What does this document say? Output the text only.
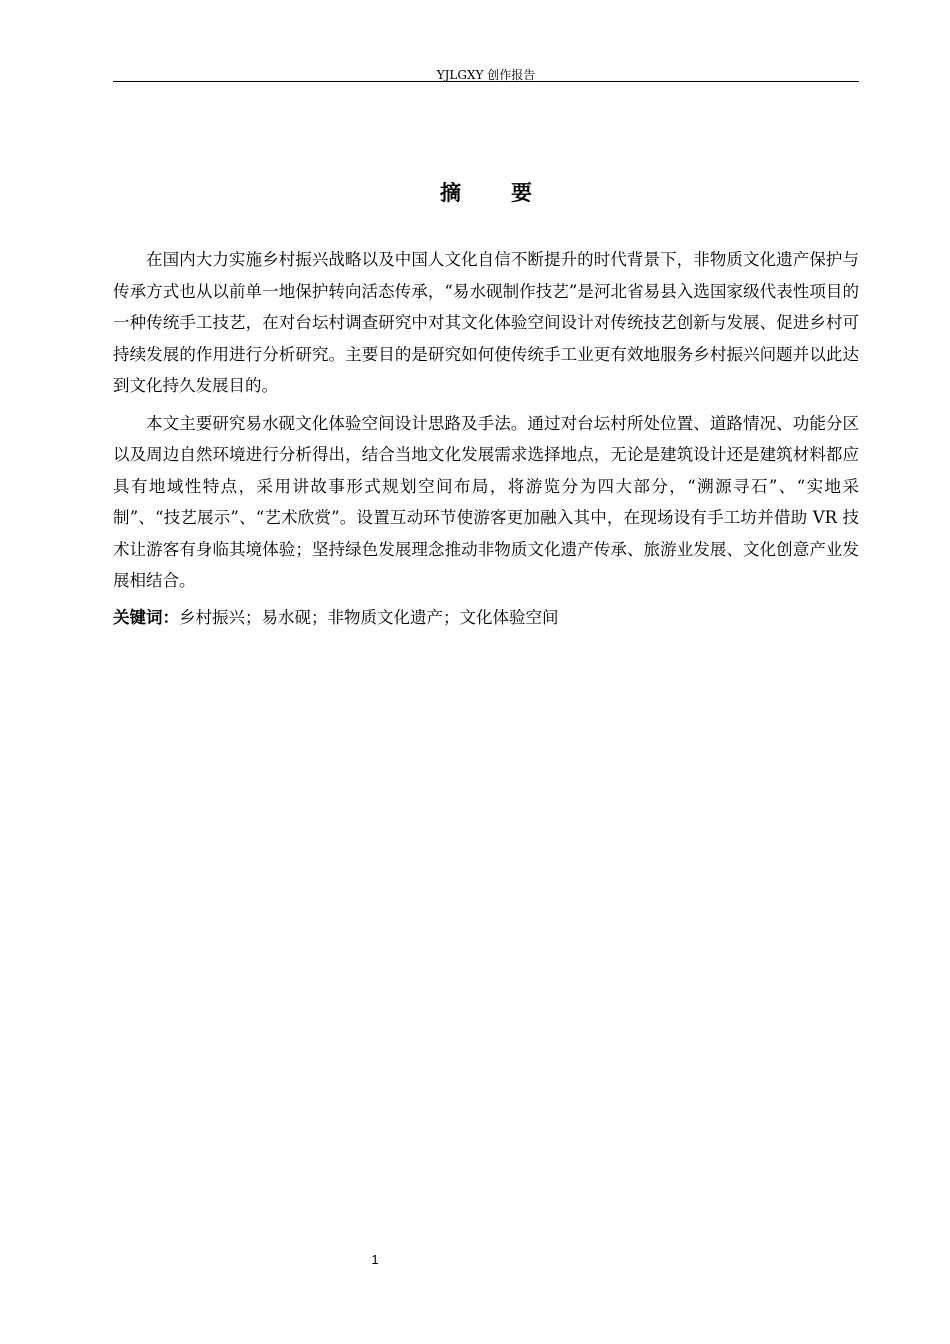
YJLGXY 创作报告
摘要

在国内大力实施乡村振兴战略以及中国人文化自信不断提升的时代背景下，非物质文化遗产保护与传承方式也从以前单一地保护转向活态传承，“易水砚制作技艺”是河北省易县入选国家级代表性项目的一种传统手工技艺，在对台坛村调查研究中对其文化体验空间设计对传统技艺创新与发展、促进乡村可持续发展的作用进行分析研究。主要目的是研究如何使传统手工业更有效地服务乡村振兴问题并以此达到文化持久发展目的。

本文主要研究易水砚文化体验空间设计思路及手法。通过对台坛村所处位置、道路情况、功能分区以及周边自然环境进行分析得出，结合当地文化发展需求选择地点，无论是建筑设计还是建筑材料都应具有地域性特点，采用讲故事形式规划空间布局，将游览分为四大部分，“溯源寻石”、“实地采制”、“技艺展示”、“艺术欣赏”。设置互动环节使游客更加融入其中，在现场设有手工坊并借助 VR 技术让游客有身临其境体验；坚持绿色发展理念推动非物质文化遗产传承、旅游业发展、文化创意产业发展相结合。

关键词：乡村振兴；易水砚；非物质文化遗产；文化体验空间
1
